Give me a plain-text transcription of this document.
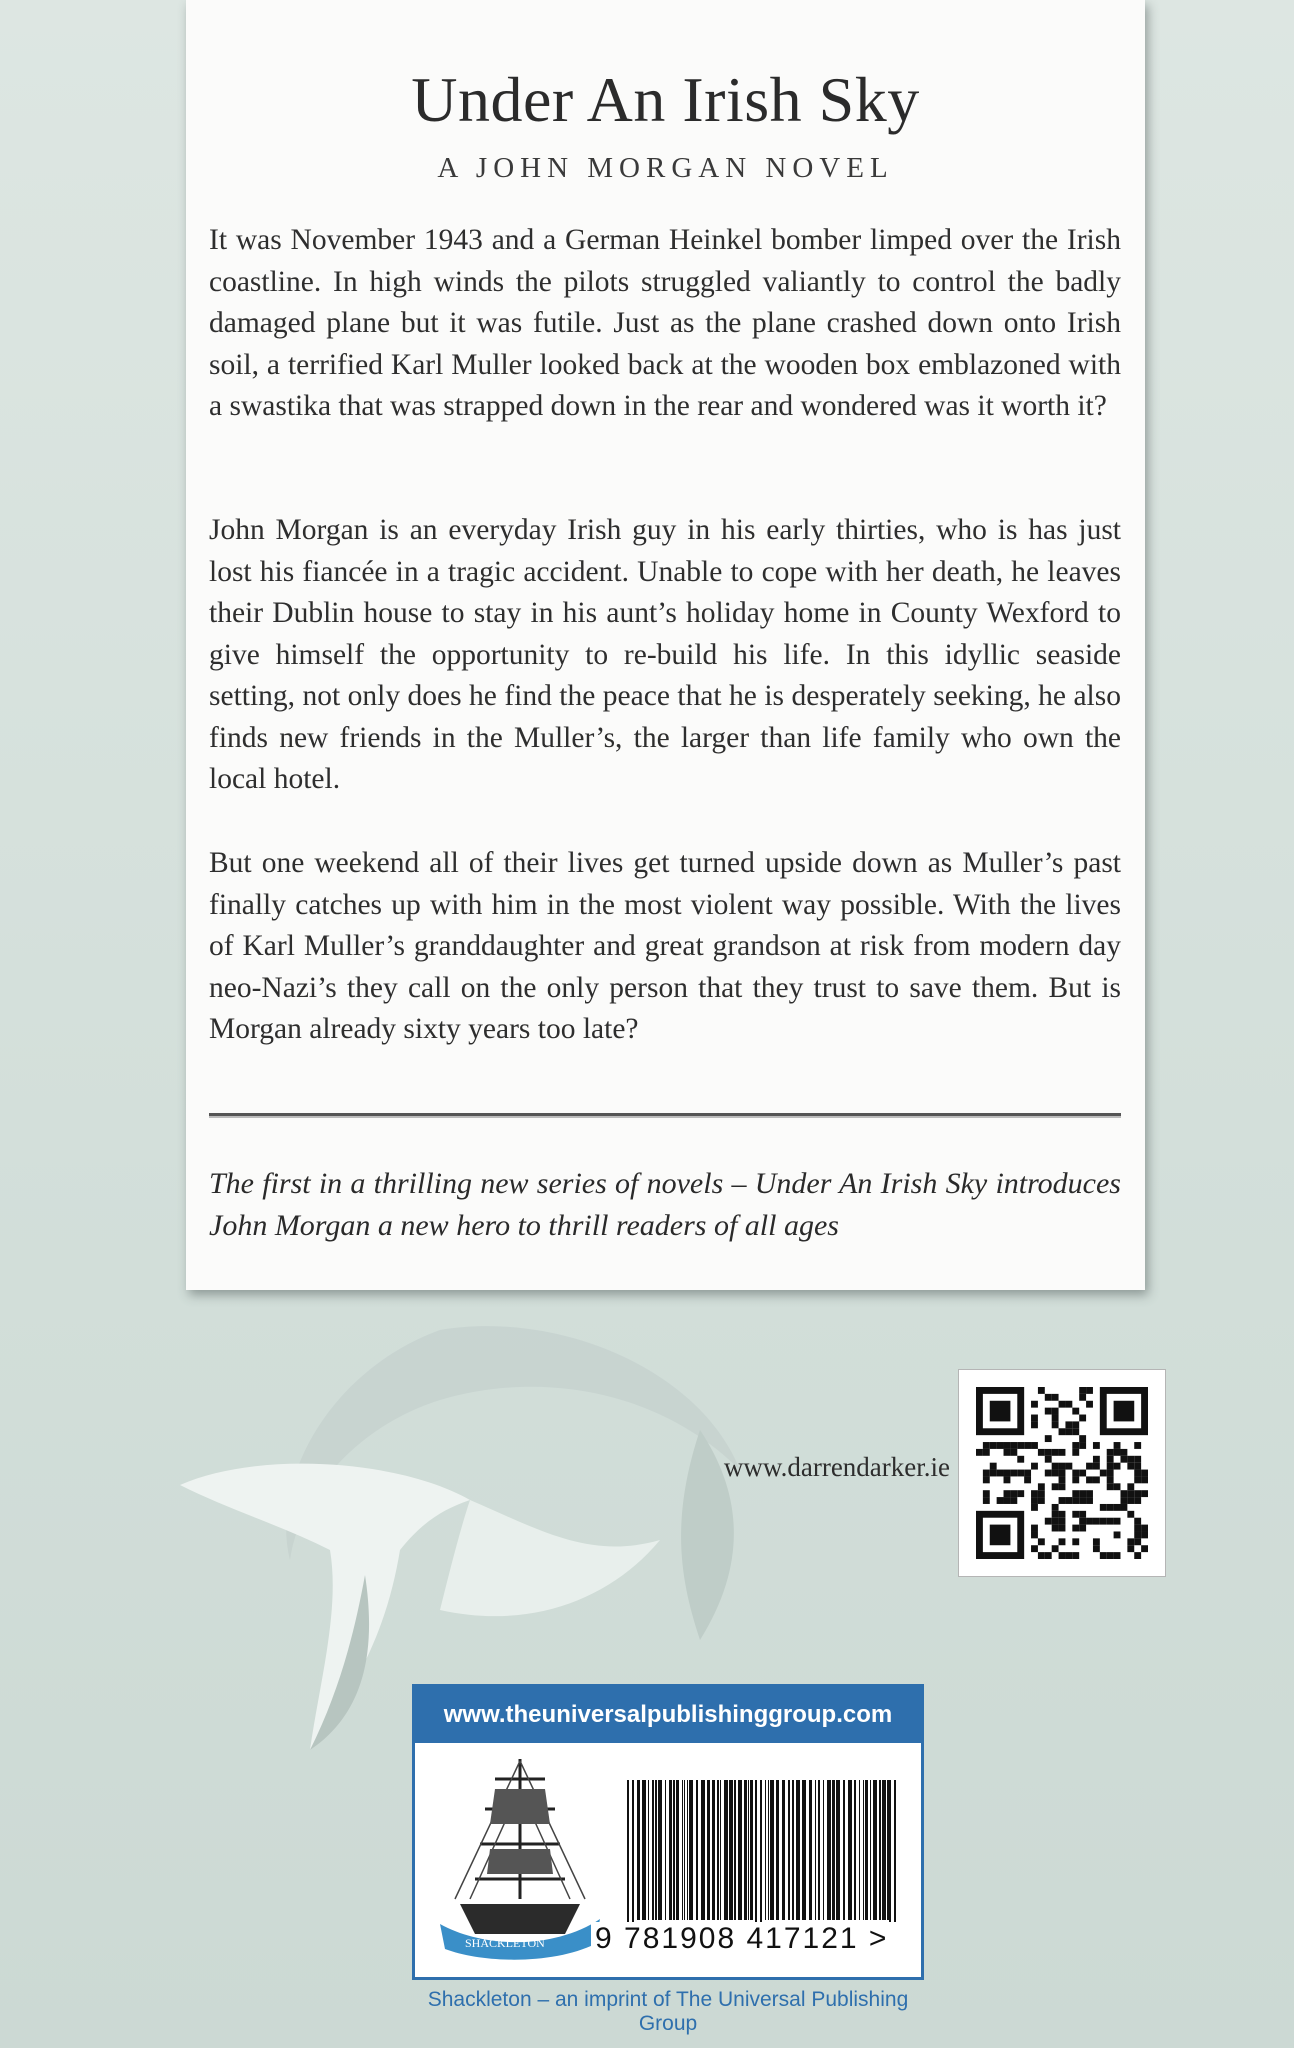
Under An Irish Sky
A JOHN MORGAN NOVEL

It was November 1943 and a German Heinkel bomber limped over the Irish coastline. In high winds the pilots struggled valiantly to control the badly damaged plane but it was futile. Just as the plane crashed down onto Irish soil, a terrified Karl Muller looked back at the wooden box emblazoned with a swastika that was strapped down in the rear and wondered was it worth it?

John Morgan is an everyday Irish guy in his early thirties, who is has just lost his fiancée in a tragic accident. Unable to cope with her death, he leaves their Dublin house to stay in his aunt’s holiday home in County Wexford to give himself the opportunity to re-build his life. In this idyllic seaside setting, not only does he find the peace that he is desperately seeking, he also finds new friends in the Muller’s, the larger than life family who own the local hotel.

But one weekend all of their lives get turned upside down as Muller’s past finally catches up with him in the most violent way possible. With the lives of Karl Muller’s granddaughter and great grandson at risk from modern day neo-Nazi’s they call on the only person that they trust to save them. But is Morgan already sixty years too late?

The first in a thrilling new series of novels – Under An Irish Sky introduces John Morgan a new hero to thrill readers of all ages

www.darrendarker.ie
www.theuniversalpublishinggroup.com
SHACKLETON 9 781908 417121 >
Shackleton – an imprint of The Universal Publishing Group
